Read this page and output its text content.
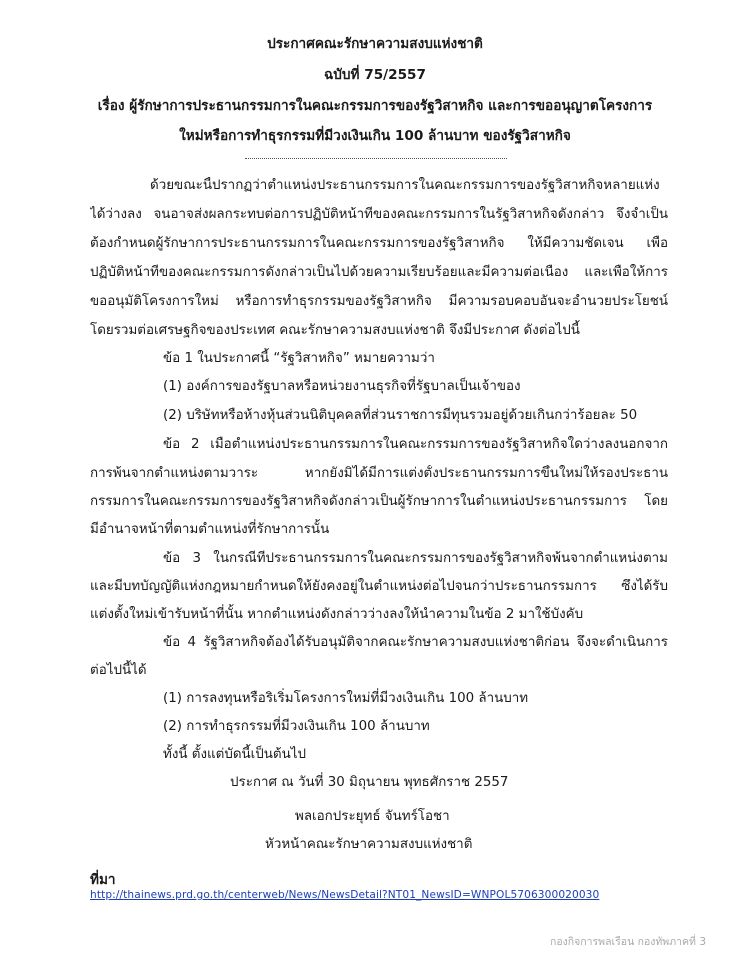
ประกาศคณะรักษาความสงบแห่งชาติ
ฉบับที่ 75/2557
เรื่อง ผู้รักษาการประธานกรรมการในคณะกรรมการของรัฐวิสาหกิจ และการขออนุญาตโครงการ
ใหม่หรือการทำธุรกรรมที่มีวงเงินเกิน 100 ล้านบาท ของรัฐวิสาหกิจ
ด้วยขณะนี้ปรากฏว่าตำแหน่งประธานกรรมการในคณะกรรมการของรัฐวิสาหกิจหลายแห่ง
ได้ว่างลง จนอาจส่งผลกระทบต่อการปฏิบัติหน้าที่ของคณะกรรมการในรัฐวิสาหกิจดังกล่าว จึงจำเป็น
ต้องกำหนดผู้รักษาการประธานกรรมการในคณะกรรมการของรัฐวิสาหกิจ ให้มีความชัดเจน เพื่อ
ปฏิบัติหน้าที่ของคณะกรรมการดังกล่าวเป็นไปด้วยความเรียบร้อยและมีความต่อเนื่อง และเพื่อให้การ
ขออนุมัติโครงการใหม่ หรือการทำธุรกรรมของรัฐวิสาหกิจ มีความรอบคอบอันจะอำนวยประโยชน์
โดยรวมต่อเศรษฐกิจของประเทศ คณะรักษาความสงบแห่งชาติ จึงมีประกาศ ดังต่อไปนี้
ข้อ 1 ในประกาศนี้ “รัฐวิสาหกิจ” หมายความว่า
(1) องค์การของรัฐบาลหรือหน่วยงานธุรกิจที่รัฐบาลเป็นเจ้าของ
(2) บริษัทหรือห้างหุ้นส่วนนิติบุคคลที่ส่วนราชการมีทุนรวมอยู่ด้วยเกินกว่าร้อยละ 50
ข้อ 2 เมื่อตำแหน่งประธานกรรมการในคณะกรรมการของรัฐวิสาหกิจใดว่างลงนอกจาก
การพ้นจากตำแหน่งตามวาระ หากยังมิได้มีการแต่งตั้งประธานกรรมการขึ้นใหม่ให้รองประธาน
กรรมการในคณะกรรมการของรัฐวิสาหกิจดังกล่าวเป็นผู้รักษาการในตำแหน่งประธานกรรมการ โดย
มีอำนาจหน้าที่ตามตำแหน่งที่รักษาการนั้น
ข้อ 3 ในกรณีที่ประธานกรรมการในคณะกรรมการของรัฐวิสาหกิจพ้นจากตำแหน่งตาม
และมีบทบัญญัติแห่งกฎหมายกำหนดให้ยังคงอยู่ในตำแหน่งต่อไปจนกว่าประธานกรรมการ ซึ่งได้รับ
แต่งตั้งใหม่เข้ารับหน้าที่นั้น หากตำแหน่งดังกล่าวว่างลงให้นำความในข้อ 2 มาใช้บังคับ
ข้อ 4 รัฐวิสาหกิจต้องได้รับอนุมัติจากคณะรักษาความสงบแห่งชาติก่อน จึงจะดำเนินการ
ต่อไปนี้ได้
(1) การลงทุนหรือริเริ่มโครงการใหม่ที่มีวงเงินเกิน 100 ล้านบาท
(2) การทำธุรกรรมที่มีวงเงินเกิน 100 ล้านบาท
ทั้งนี้ ตั้งแต่บัดนี้เป็นต้นไป
ประกาศ ณ วันที่ 30 มิถุนายน พุทธศักราช 2557
พลเอกประยุทธ์ จันทร์โอชา
หัวหน้าคณะรักษาความสงบแห่งชาติ
ที่มา
http://thainews.prd.go.th/centerweb/News/NewsDetail?NT01_NewsID=WNPOL5706300020030
กองกิจการพลเรือน กองทัพภาคที่ 3
